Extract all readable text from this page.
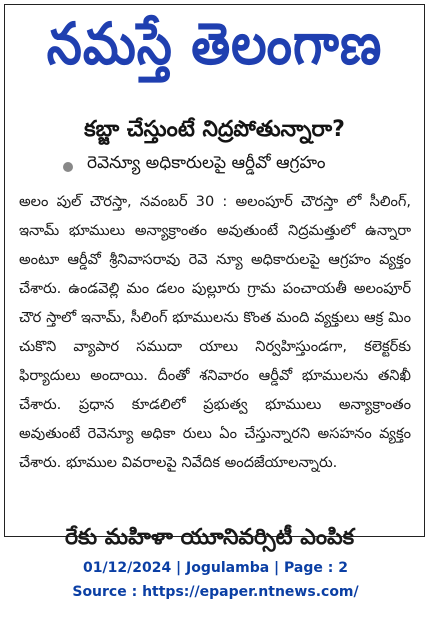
నమస్తే తెలంగాణ
కబ్జా చేస్తుంటే నిద్రపోతున్నారా?
రెవెన్యూ అధికారులపై ఆర్డీవో ఆగ్రహం

అలం పుల్ చౌరస్తా, నవంబర్ 30 : అలంపూర్ చౌరస్తా లో సీలింగ్, ఇనామ్ భూములు అన్యాక్రాంతం అవుతుంటే నిద్రమత్తులో ఉన్నారా అంటూ ఆర్డీవో శ్రీనివాసరావు రెవె న్యూ అధికారులపై ఆగ్రహం వ్యక్తం చేశారు. ఉండవెల్లి మం డలం పుల్లూరు గ్రామ పంచాయతీ అలంపూర్ చౌర స్తాలో ఇనామ్, సీలింగ్ భూములను కొంత మంది వ్యక్తులు ఆక్ర మిం చుకొని వ్యాపార సముదా యాలు నిర్వహిస్తుండగా, కలెక్టర్‌కు ఫిర్యాదులు అందాయి. దీంతో శనివారం ఆర్డీవో భూములను తనిఖీ చేశారు. ప్రధాన కూడలిలో ప్రభుత్వ భూములు అన్యాక్రాంతం అవుతుంటే రెవెన్యూ అధికా రులు ఏం చేస్తున్నారని అసహనం వ్యక్తం చేశారు. భూముల వివరాలపై నివేదిక అందజేయాలన్నారు.

రేకు మహిళా యూనివర్సిటీ ఎంపిక
01/12/2024 | Jogulamba | Page : 2
Source : https://epaper.ntnews.com/
